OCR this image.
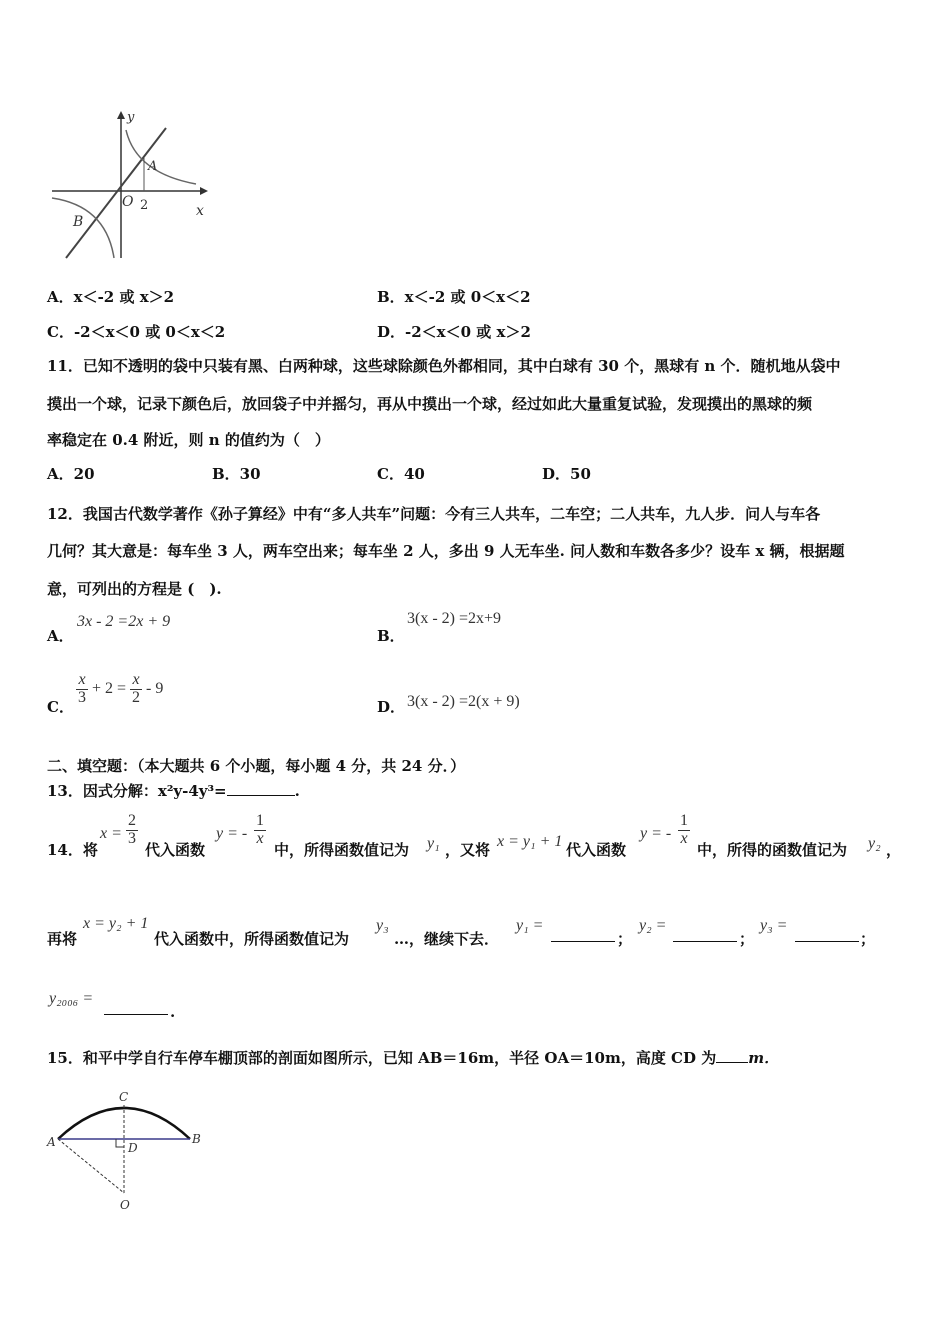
y
x
A
B
O 2
A．x＜-2 或 x＞2	B．x＜-2 或 0＜x＜2
C．-2＜x＜0 或 0＜x＜2	D．-2＜x＜0 或 x＞2
11．已知不透明的袋中只装有黑、白两种球，这些球除颜色外都相同，其中白球有 30 个，黑球有 n 个．随机地从袋中
摸出一个球，记录下颜色后，放回袋子中并摇匀，再从中摸出一个球，经过如此大量重复试验，发现摸出的黑球的频
率稳定在 0.4 附近，则 n 的值约为（　）
A．20	B．30	C．40	D．50
12．我国古代数学著作《孙子算经》中有“多人共车”问题：今有三人共车，二车空；二人共车，九人步．问人与车各
几何？其大意是：每车坐 3 人，两车空出来；每车坐 2 人，多出 9 人无车坐. 问人数和车数各多少？设车 x 辆，根据题
意，可列出的方程是 (　).
A．
3x - 2 =2x + 9
B．
3(x - 2) =2x+9
C．
$\frac{x}{3} + 2 = \frac{x}{2} - 9$
D． 3(x - 2) =2(x + 9)
二、填空题：（本大题共 6 个小题，每小题 4 分，共 24 分．）
13．因式分解：x²y-4y³=	.
14．将
$x = \frac{2}{3}$
代入函数
y = - $\frac{1}{x}$
中，所得函数值记为 y₁ ，又将 x = y₁ + 1 代入函数
y = - $\frac{1}{x}$
中，所得的函数值记为 y₂ ，
再将
x = y₂ + 1
代入函数中，所得函数值记为
y₃
…，继续下去．
y₁ =
；
y₂ =
；
y₃ =
；
y₂₀₀₆ =
.
15．和平中学自行车停车棚顶部的剖面如图所示，已知 AB＝16m，半径 OA＝10m，高度 CD 为 m．
C
A	B
D
O
